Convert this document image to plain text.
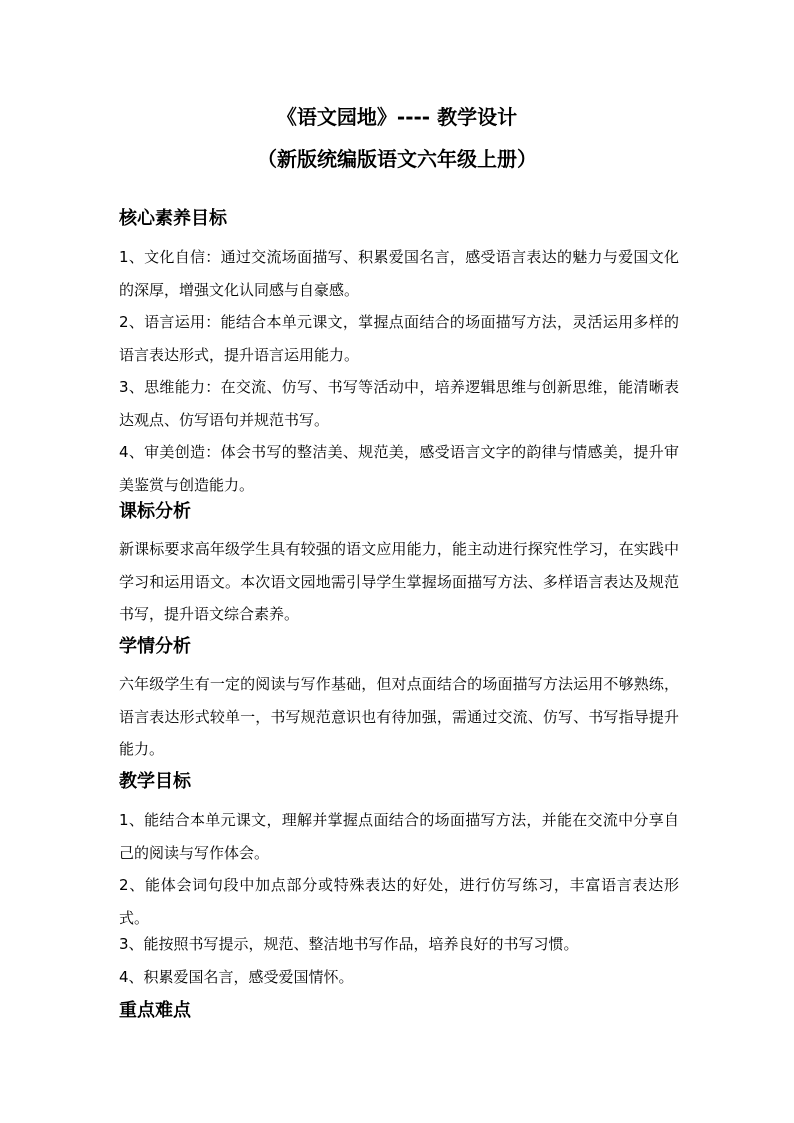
《语文园地》---- 教学设计
（新版统编版语文六年级上册）
核心素养目标
1、文化自信：通过交流场面描写、积累爱国名言，感受语言表达的魅力与爱国文化的深厚，增强文化认同感与自豪感。
2、语言运用：能结合本单元课文，掌握点面结合的场面描写方法，灵活运用多样的语言表达形式，提升语言运用能力。
3、思维能力：在交流、仿写、书写等活动中，培养逻辑思维与创新思维，能清晰表达观点、仿写语句并规范书写。
4、审美创造：体会书写的整洁美、规范美，感受语言文字的韵律与情感美，提升审美鉴赏与创造能力。
课标分析
新课标要求高年级学生具有较强的语文应用能力，能主动进行探究性学习，在实践中学习和运用语文。本次语文园地需引导学生掌握场面描写方法、多样语言表达及规范书写，提升语文综合素养。
学情分析
六年级学生有一定的阅读与写作基础，但对点面结合的场面描写方法运用不够熟练，语言表达形式较单一，书写规范意识也有待加强，需通过交流、仿写、书写指导提升能力。
教学目标
1、能结合本单元课文，理解并掌握点面结合的场面描写方法，并能在交流中分享自己的阅读与写作体会。
2、能体会词句段中加点部分或特殊表达的好处，进行仿写练习，丰富语言表达形式。
3、能按照书写提示，规范、整洁地书写作品，培养良好的书写习惯。
4、积累爱国名言，感受爱国情怀。
重点难点
